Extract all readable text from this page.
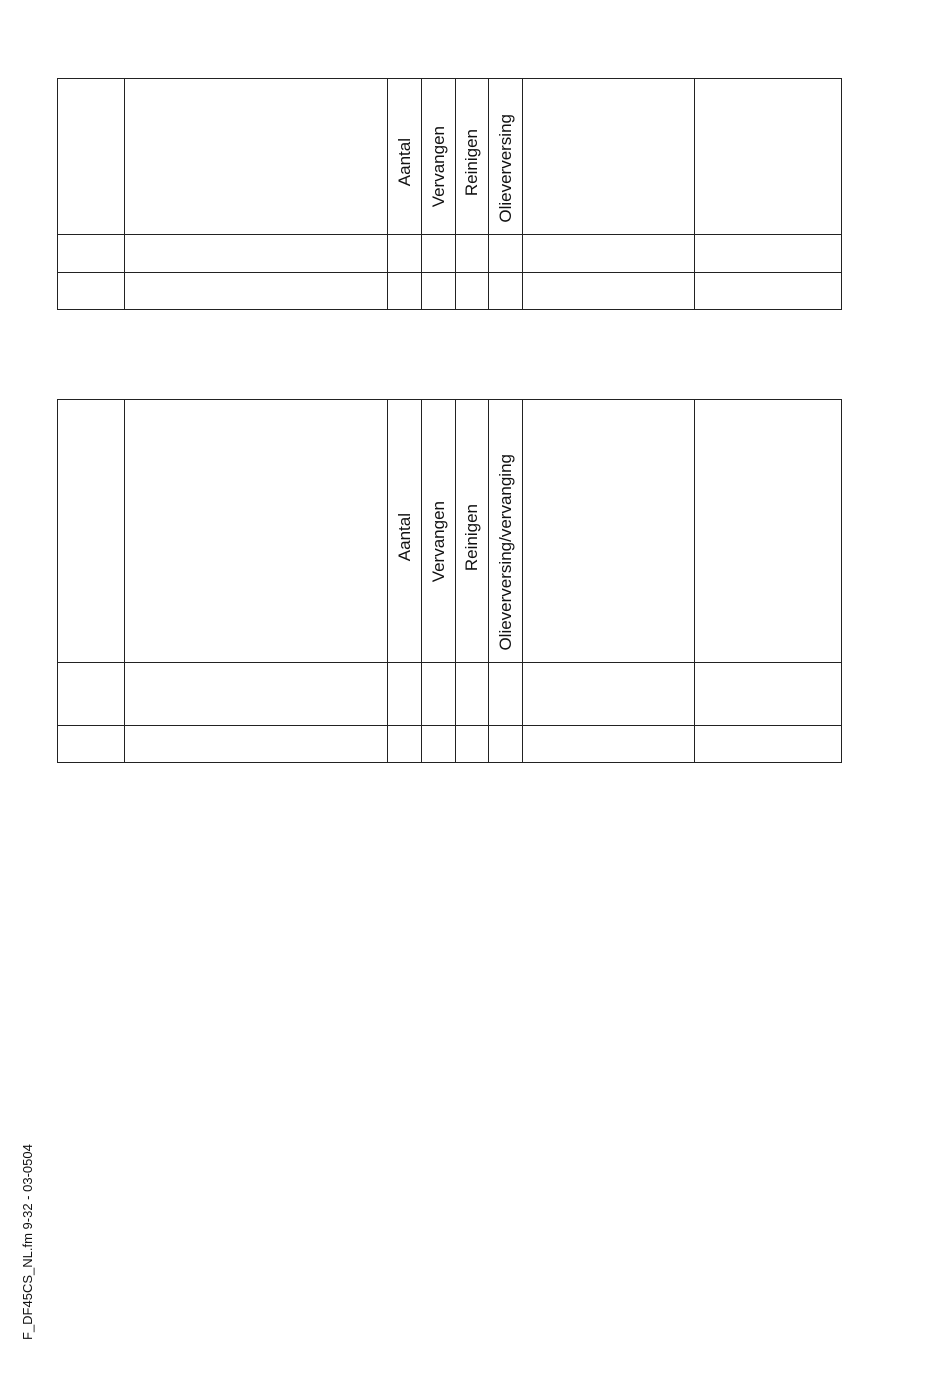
Aantal Vervangen Reinigen Olieverversing
Aantal Vervangen Reinigen Olieverversing/vervanging
F_DF45CS_NL.fm 9-32 - 03-0504
